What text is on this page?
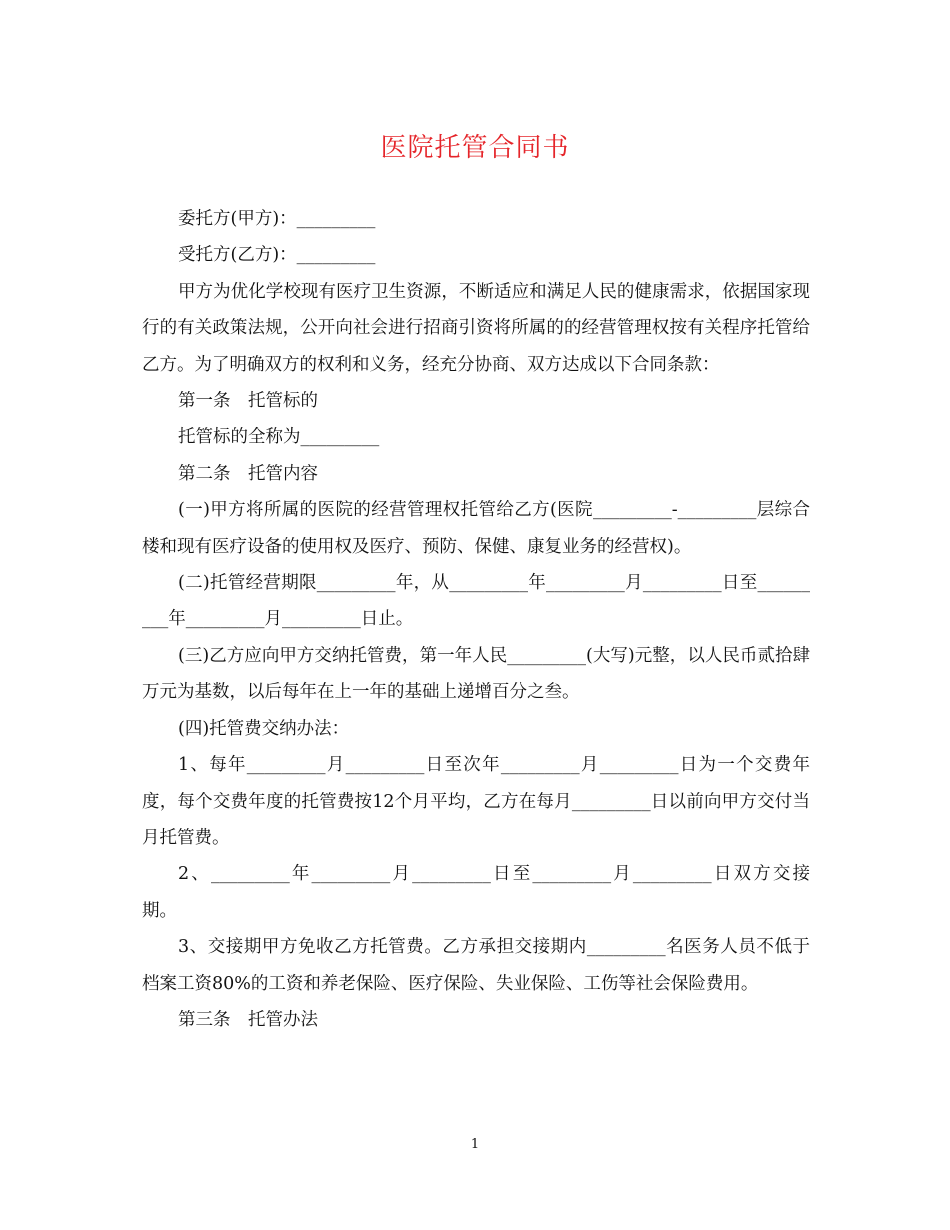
医院托管合同书

委托方(甲方)：_________

受托方(乙方)：_________

甲方为优化学校现有医疗卫生资源，不断适应和满足人民的健康需求，依据国家现行的有关政策法规，公开向社会进行招商引资将所属的的经营管理权按有关程序托管给乙方。为了明确双方的权利和义务，经充分协商、双方达成以下合同条款：

第一条　托管标的

托管标的全称为_________

第二条　托管内容

(一)甲方将所属的医院的经营管理权托管给乙方(医院_________-_________层综合楼和现有医疗设备的使用权及医疗、预防、保健、康复业务的经营权)。

(二)托管经营期限_________年，从_________年_________月_________日至_________年_________月_________日止。

(三)乙方应向甲方交纳托管费，第一年人民_________(大写)元整，以人民币贰拾肆万元为基数，以后每年在上一年的基础上递增百分之叁。

(四)托管费交纳办法：

1、每年_________月_________日至次年_________月_________日为一个交费年度，每个交费年度的托管费按12个月平均，乙方在每月_________日以前向甲方交付当月托管费。

2、_________年_________月_________日至_________月_________日双方交接期。

3、交接期甲方免收乙方托管费。乙方承担交接期内_________名医务人员不低于档案工资80%的工资和养老保险、医疗保险、失业保险、工伤等社会保险费用。

第三条　托管办法

1
